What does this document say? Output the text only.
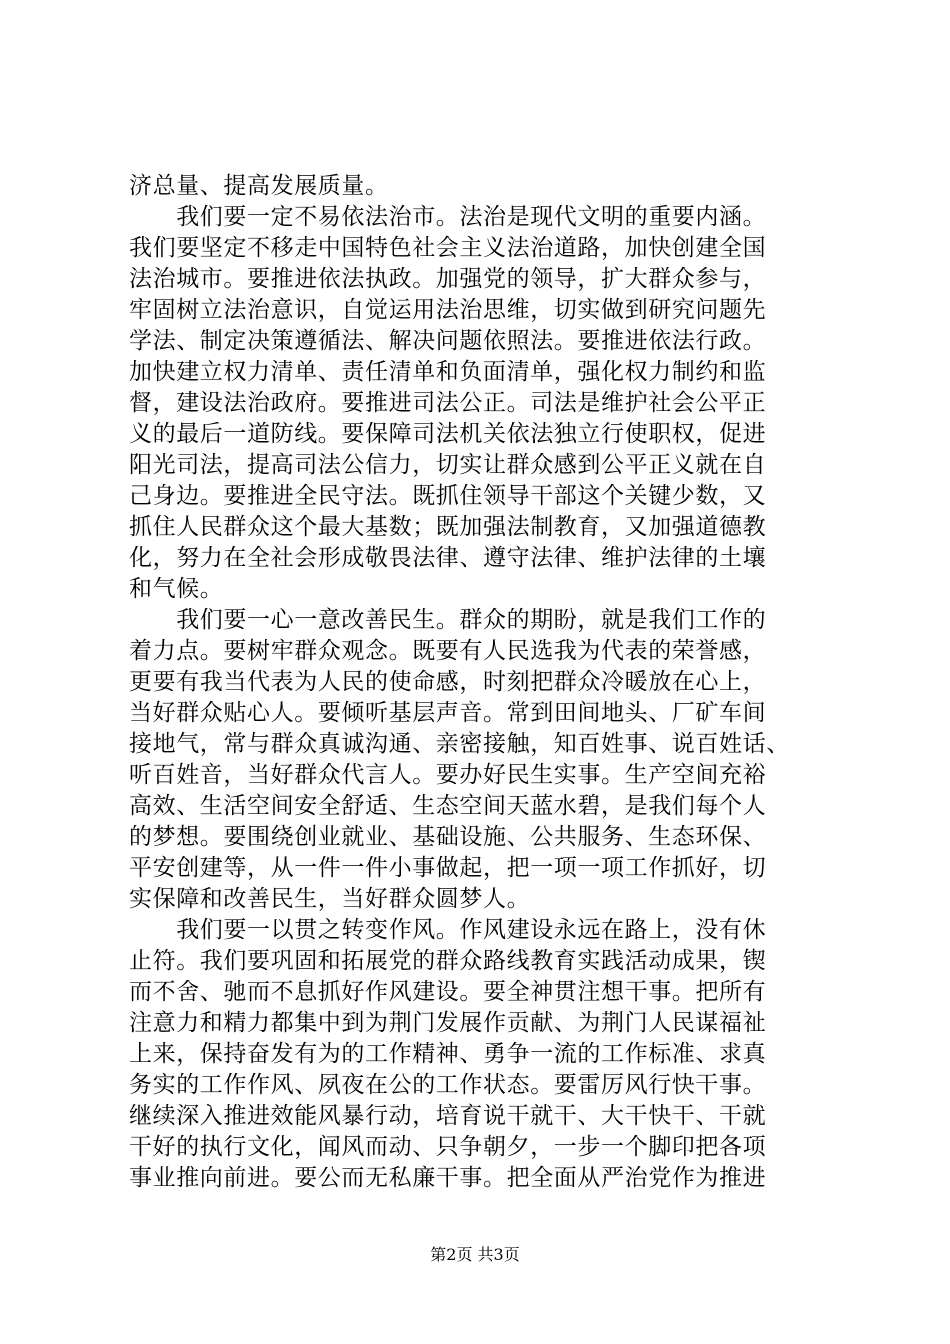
济总量、提高发展质量。
　　我们要一定不易依法治市。法治是现代文明的重要内涵。
我们要坚定不移走中国特色社会主义法治道路，加快创建全国
法治城市。要推进依法执政。加强党的领导，扩大群众参与，
牢固树立法治意识，自觉运用法治思维，切实做到研究问题先
学法、制定决策遵循法、解决问题依照法。要推进依法行政。
加快建立权力清单、责任清单和负面清单，强化权力制约和监
督，建设法治政府。要推进司法公正。司法是维护社会公平正
义的最后一道防线。要保障司法机关依法独立行使职权，促进
阳光司法，提高司法公信力，切实让群众感到公平正义就在自
己身边。要推进全民守法。既抓住领导干部这个关键少数，又
抓住人民群众这个最大基数；既加强法制教育，又加强道德教
化，努力在全社会形成敬畏法律、遵守法律、维护法律的土壤
和气候。
　　我们要一心一意改善民生。群众的期盼，就是我们工作的
着力点。要树牢群众观念。既要有人民选我为代表的荣誉感，
更要有我当代表为人民的使命感，时刻把群众冷暖放在心上，
当好群众贴心人。要倾听基层声音。常到田间地头、厂矿车间
接地气，常与群众真诚沟通、亲密接触，知百姓事、说百姓话、
听百姓音，当好群众代言人。要办好民生实事。生产空间充裕
高效、生活空间安全舒适、生态空间天蓝水碧，是我们每个人
的梦想。要围绕创业就业、基础设施、公共服务、生态环保、
平安创建等，从一件一件小事做起，把一项一项工作抓好，切
实保障和改善民生，当好群众圆梦人。
　　我们要一以贯之转变作风。作风建设永远在路上，没有休
止符。我们要巩固和拓展党的群众路线教育实践活动成果，锲
而不舍、驰而不息抓好作风建设。要全神贯注想干事。把所有
注意力和精力都集中到为荆门发展作贡献、为荆门人民谋福祉
上来，保持奋发有为的工作精神、勇争一流的工作标准、求真
务实的工作作风、夙夜在公的工作状态。要雷厉风行快干事。
继续深入推进效能风暴行动，培育说干就干、大干快干、干就
干好的执行文化，闻风而动、只争朝夕，一步一个脚印把各项
事业推向前进。要公而无私廉干事。把全面从严治党作为推进
第2页 共3页
